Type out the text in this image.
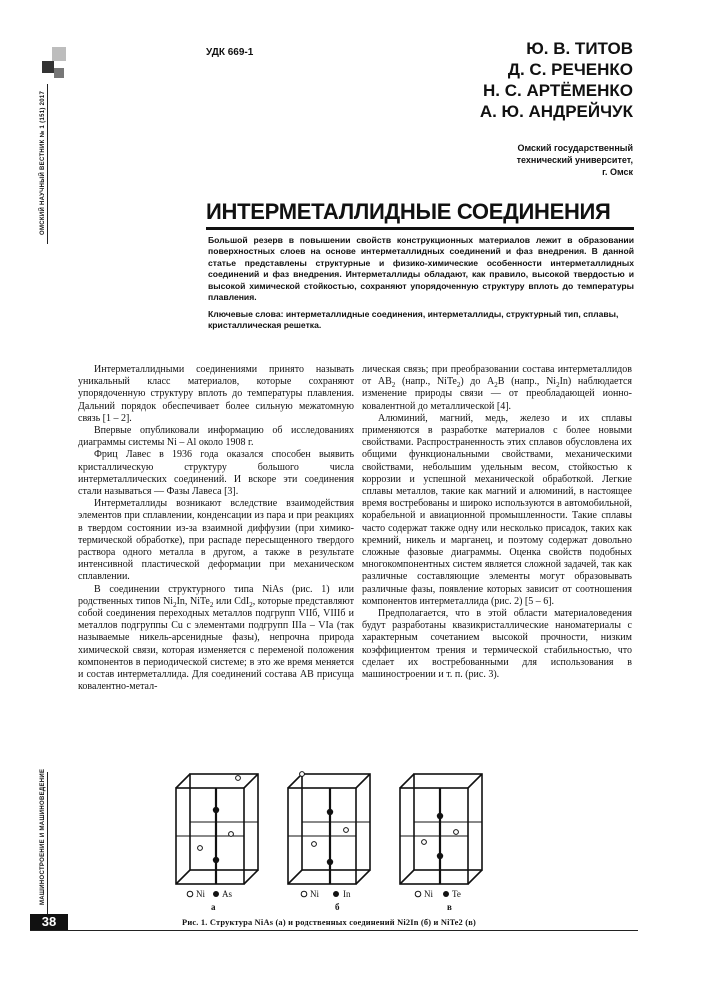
ОМСКИЙ НАУЧНЫЙ ВЕСТНИК № 1 (151) 2017
МАШИНОСТРОЕНИЕ И МАШИНОВЕДЕНИЕ
УДК 669-1	Ю. В. ТИТОВ
Д. С. РЕЧЕНКО
Н. С. АРТЁМЕНКО
А. Ю. АНДРЕЙЧУК
Омский государственный
технический университет,
г. Омск
ИНТЕРМЕТАЛЛИДНЫЕ СОЕДИНЕНИЯ
Большой резерв в повышении свойств конструкционных материалов лежит в образовании поверхностных слоев на основе интерметаллидных соединений и фаз внедрения. В данной статье представлены структурные и физико-химические особенности интерметаллидных соединений и фаз внедрения. Интерметаллиды обладают, как правило, высокой твердостью и высокой химической стойкостью, сохраняют упорядоченную структуру вплоть до температуры плавления.
Ключевые слова: интерметаллидные соединения, интерметаллиды, структурный тип, сплавы, кристаллическая решетка.

Интерметаллидными соединениями принято называть уникальный класс материалов, которые сохраняют упорядоченную структуру вплоть до температуры плавления. Дальний порядок обеспечивает более сильную межатомную связь [1 – 2].

Впервые опубликовали информацию об исследованиях диаграммы системы Ni – Al около 1908 г.

Фриц Лавес в 1936 года оказался способен выявить кристаллическую структуру большого числа интерметаллических соединений. И вскоре эти соединения стали называться — Фазы Лавеса [3].

Интерметаллиды возникают вследствие взаимодействия элементов при сплавлении, конденсации из пара и при реакциях в твердом состоянии из-за взаимной диффузии (при химико-термической обработке), при распаде пересыщенного твердого раствора одного металла в другом, а также в результате интенсивной пластической деформации при механическом сплавлении.

В соединении структурного типа NiAs (рис. 1) или родственных типов $Ni_2In$, NiTe$_2$ или CdI$_2$, которые представляют собой соединения переходных металлов подгрупп VIIб, VIIIб и металлов подгруппы Cu с элементами подгрупп IIIa – VIa (так называемые никель-арсенидные фазы), непрочна природа химической связи, которая изменяется с переменой положения компонентов в периодической системе; в это же время меняется и состав интерметаллида. Для соединений состава АВ присуща ковалентно-метал-

лическая связь; при преобразовании состава интерметаллидов от $AB_2$ (напр., NiTe$_2$) до $A_2B$ (напр., $Ni_2In$) наблюдается изменение природы связи — от преобладающей ионно-ковалентной до металлической [4].

Алюминий, магний, медь, железо и их сплавы применяются в разработке материалов с более новыми свойствами. Распространенность этих сплавов обусловлена их общими функциональными свойствами, механическими свойствами, небольшим удельным весом, стойкостью к коррозии и успешной механической обработкой. Легкие сплавы металлов, такие как магний и алюминий, в настоящее время востребованы и широко используются в автомобильной, корабельной и авиационной промышленности. Такие сплавы часто содержат также одну или несколько присадок, таких как кремний, никель и марганец, и поэтому содержат довольно сложные фазовые диаграммы. Оценка свойств подобных многокомпонентных систем является сложной задачей, так как различные составляющие элементы могут образовывать различные фазы, появление которых зависит от соотношения компонентов интерметаллида (рис. 2) [5 – 6].

Предполагается, что в этой области материаловедения будут разработаны квазикристаллические наноматериалы с характерным сочетанием высокой прочности, низким коэффициентом трения и термической стабильностью, что сделает их востребованными для использования в машиностроении и т. п. (рис. 3).

Ni As	Ni	In	Ni Te
а	б	в
Рис. 1. Структура NiAs (а) и родственных соединений Ni2In (б) и NiTe2 (в)
38
